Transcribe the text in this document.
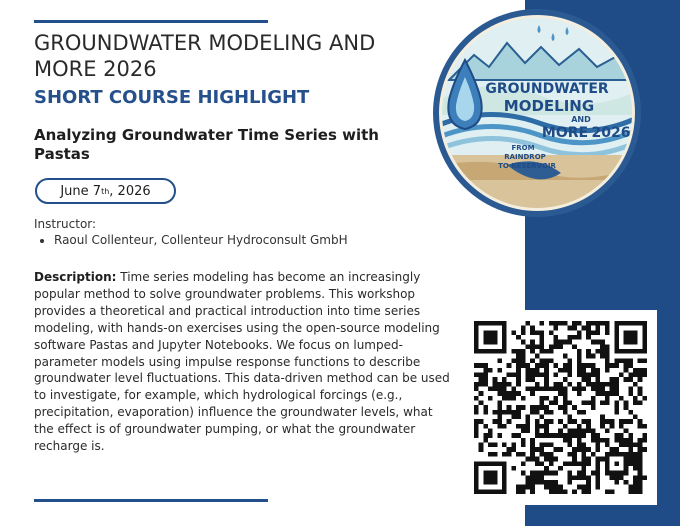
GROUNDWATER MODELING AND MORE 2026
SHORT COURSE HIGHLIGHT
Analyzing Groundwater Time Series with Pastas
June 7 th , 2026
Instructor:
• Raoul Collenteur, Collenteur Hydroconsult GmbH

Description: Time series modeling has become an increasingly popular method to solve groundwater problems. This workshop provides a theoretical and practical introduction into time series modeling, with hands-on exercises using the open-source modeling software Pastas and Jupyter Notebooks. We focus on lumped-parameter models using impulse response functions to describe groundwater level fluctuations. This data-driven method can be used to investigate, for example, which hydrological forcings (e.g., precipitation, evaporation) influence the groundwater levels, what the effect is of groundwater pumping, or what the groundwater recharge is.

GROUNDWATER
MODELING
AND
MORE 2026
FROM
RAINDROP
TO RESERVOIR
